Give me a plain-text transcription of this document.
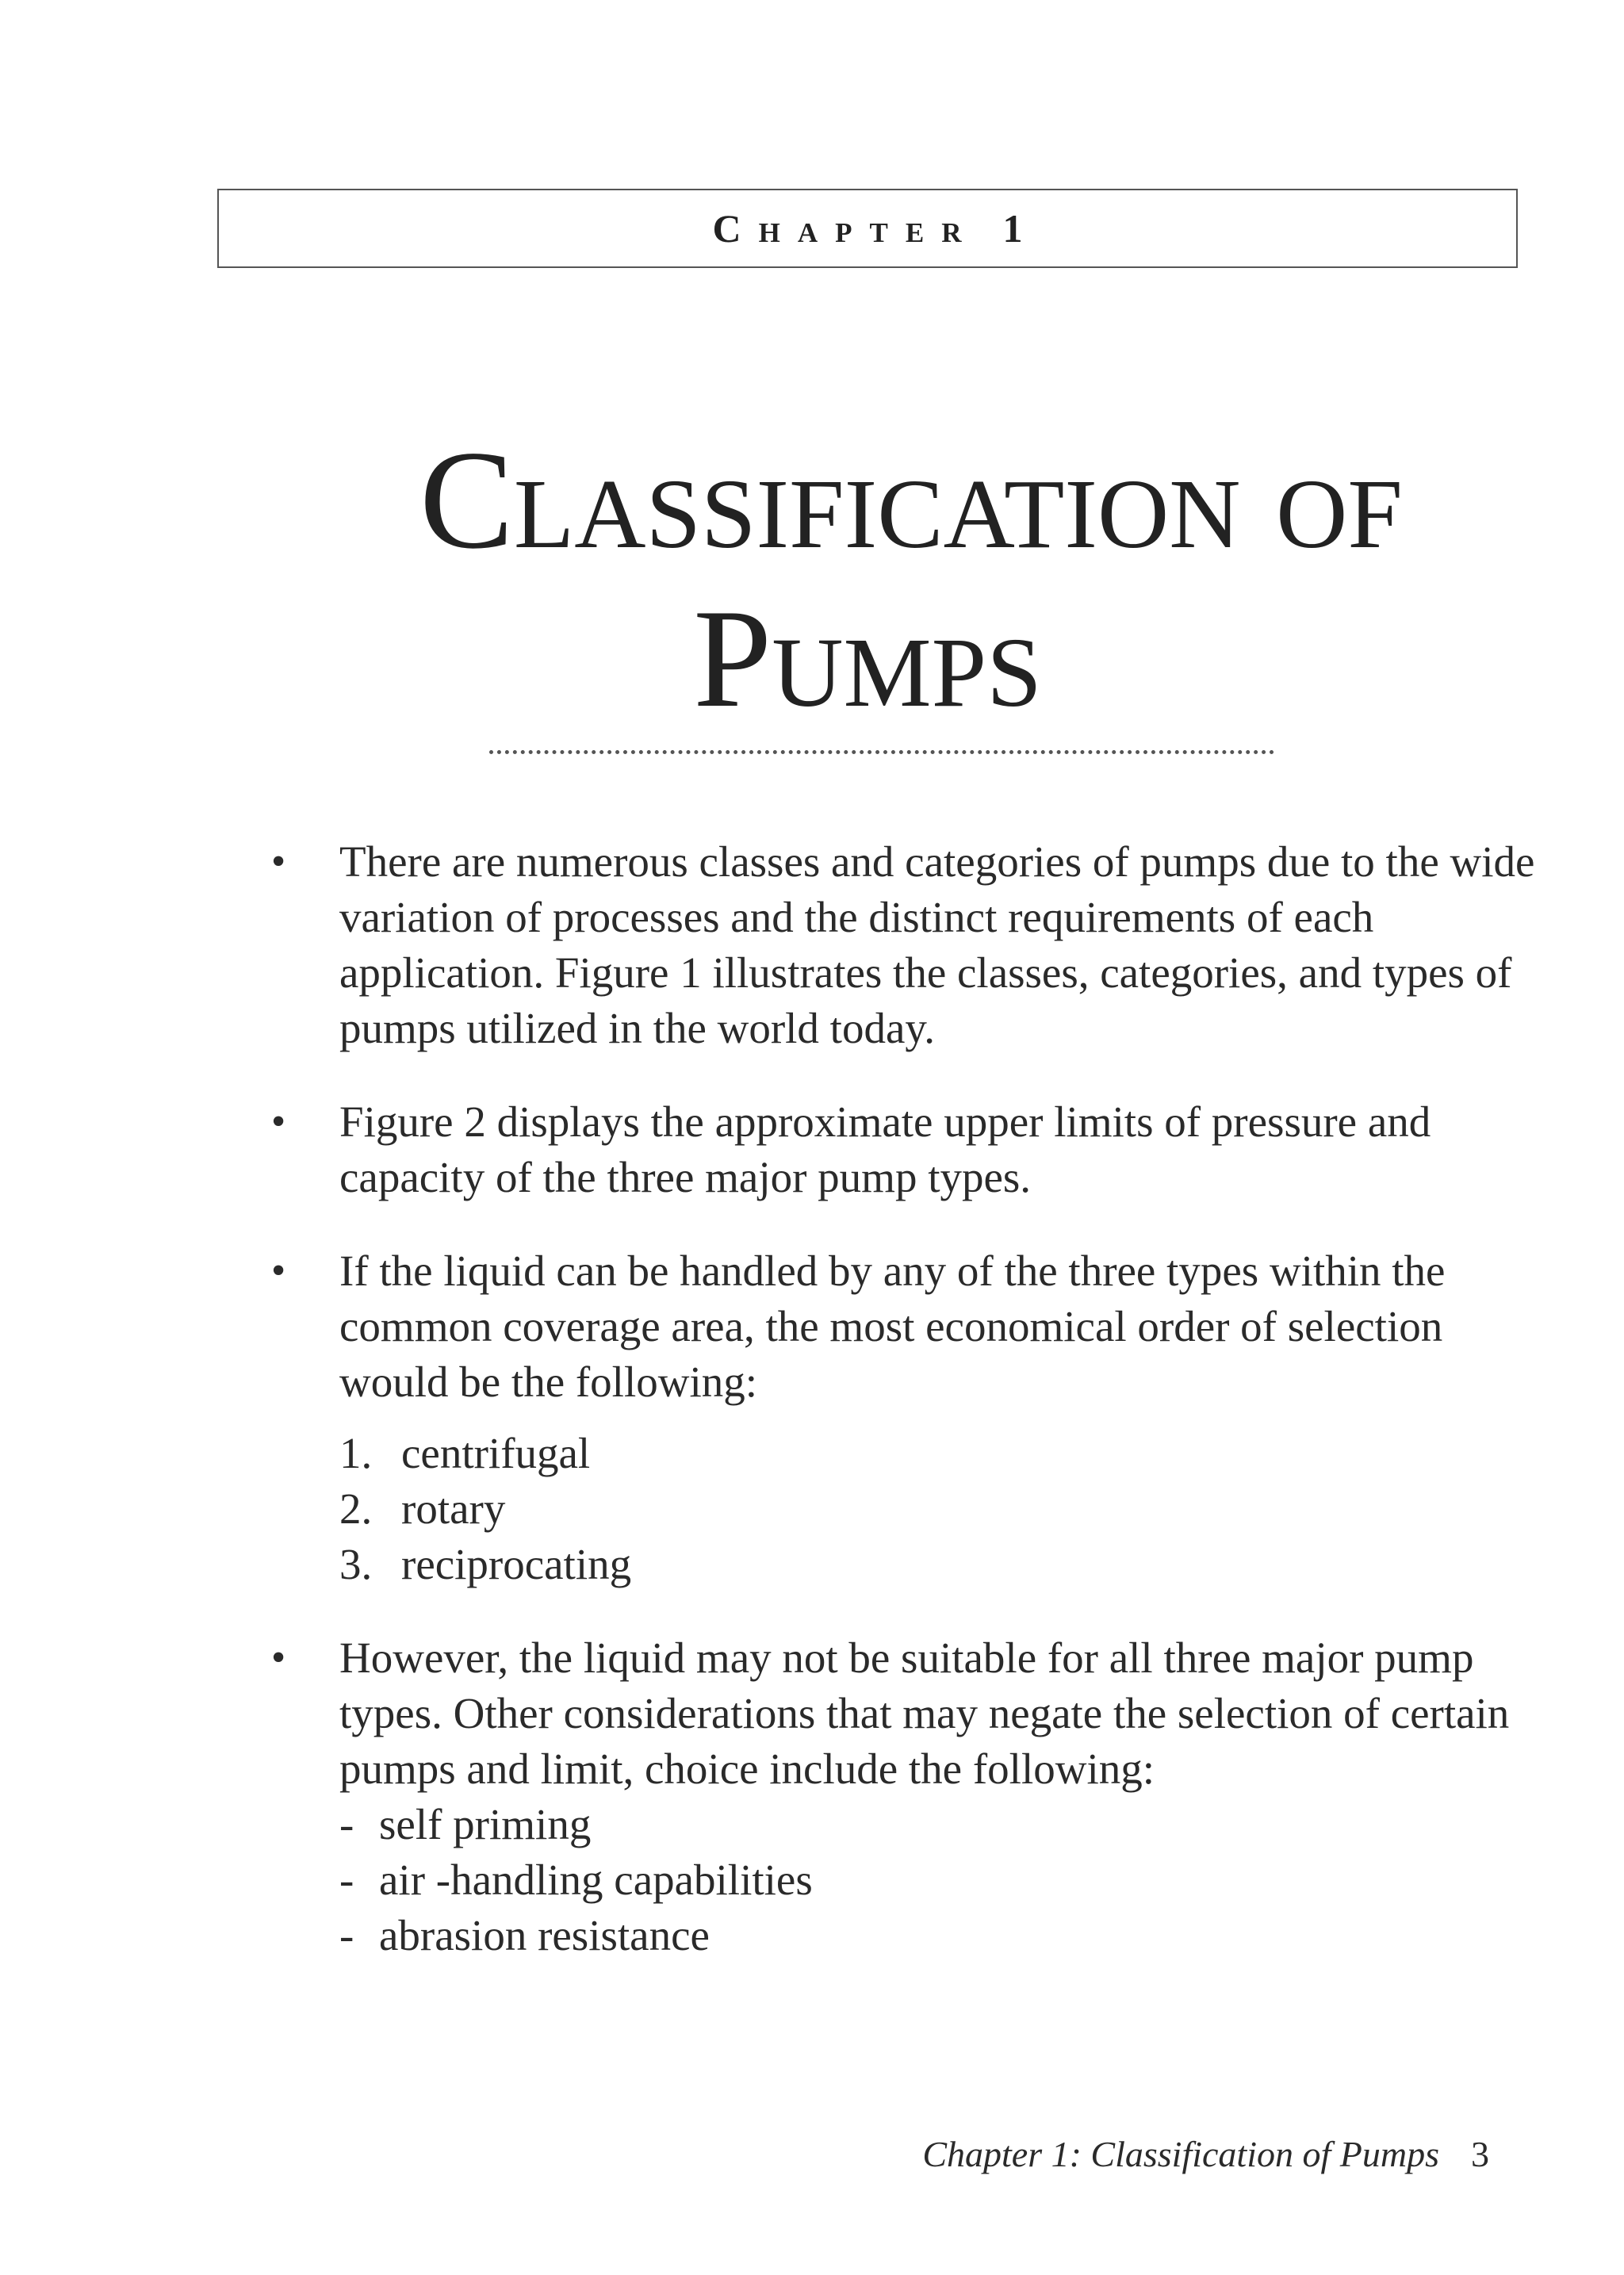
Chapter 1
Classification of
Pumps
• There are numerous classes and categories of pumps due to the wide variation of processes and the distinct requirements of each application. Figure 1 illustrates the classes, categories, and types of pumps utilized in the world today.
• Figure 2 displays the approximate upper limits of pressure and capacity of the three major pump types.
• If the liquid can be handled by any of the three types within the common coverage area, the most economical order of selection would be the following:
1. centrifugal
2. rotary
3. reciprocating
• However, the liquid may not be suitable for all three major pump types. Other considerations that may negate the selection of certain pumps and limit, choice include the following:
- self priming
- air -handling capabilities
- abrasion resistance
Chapter 1: Classification of Pumps 3
